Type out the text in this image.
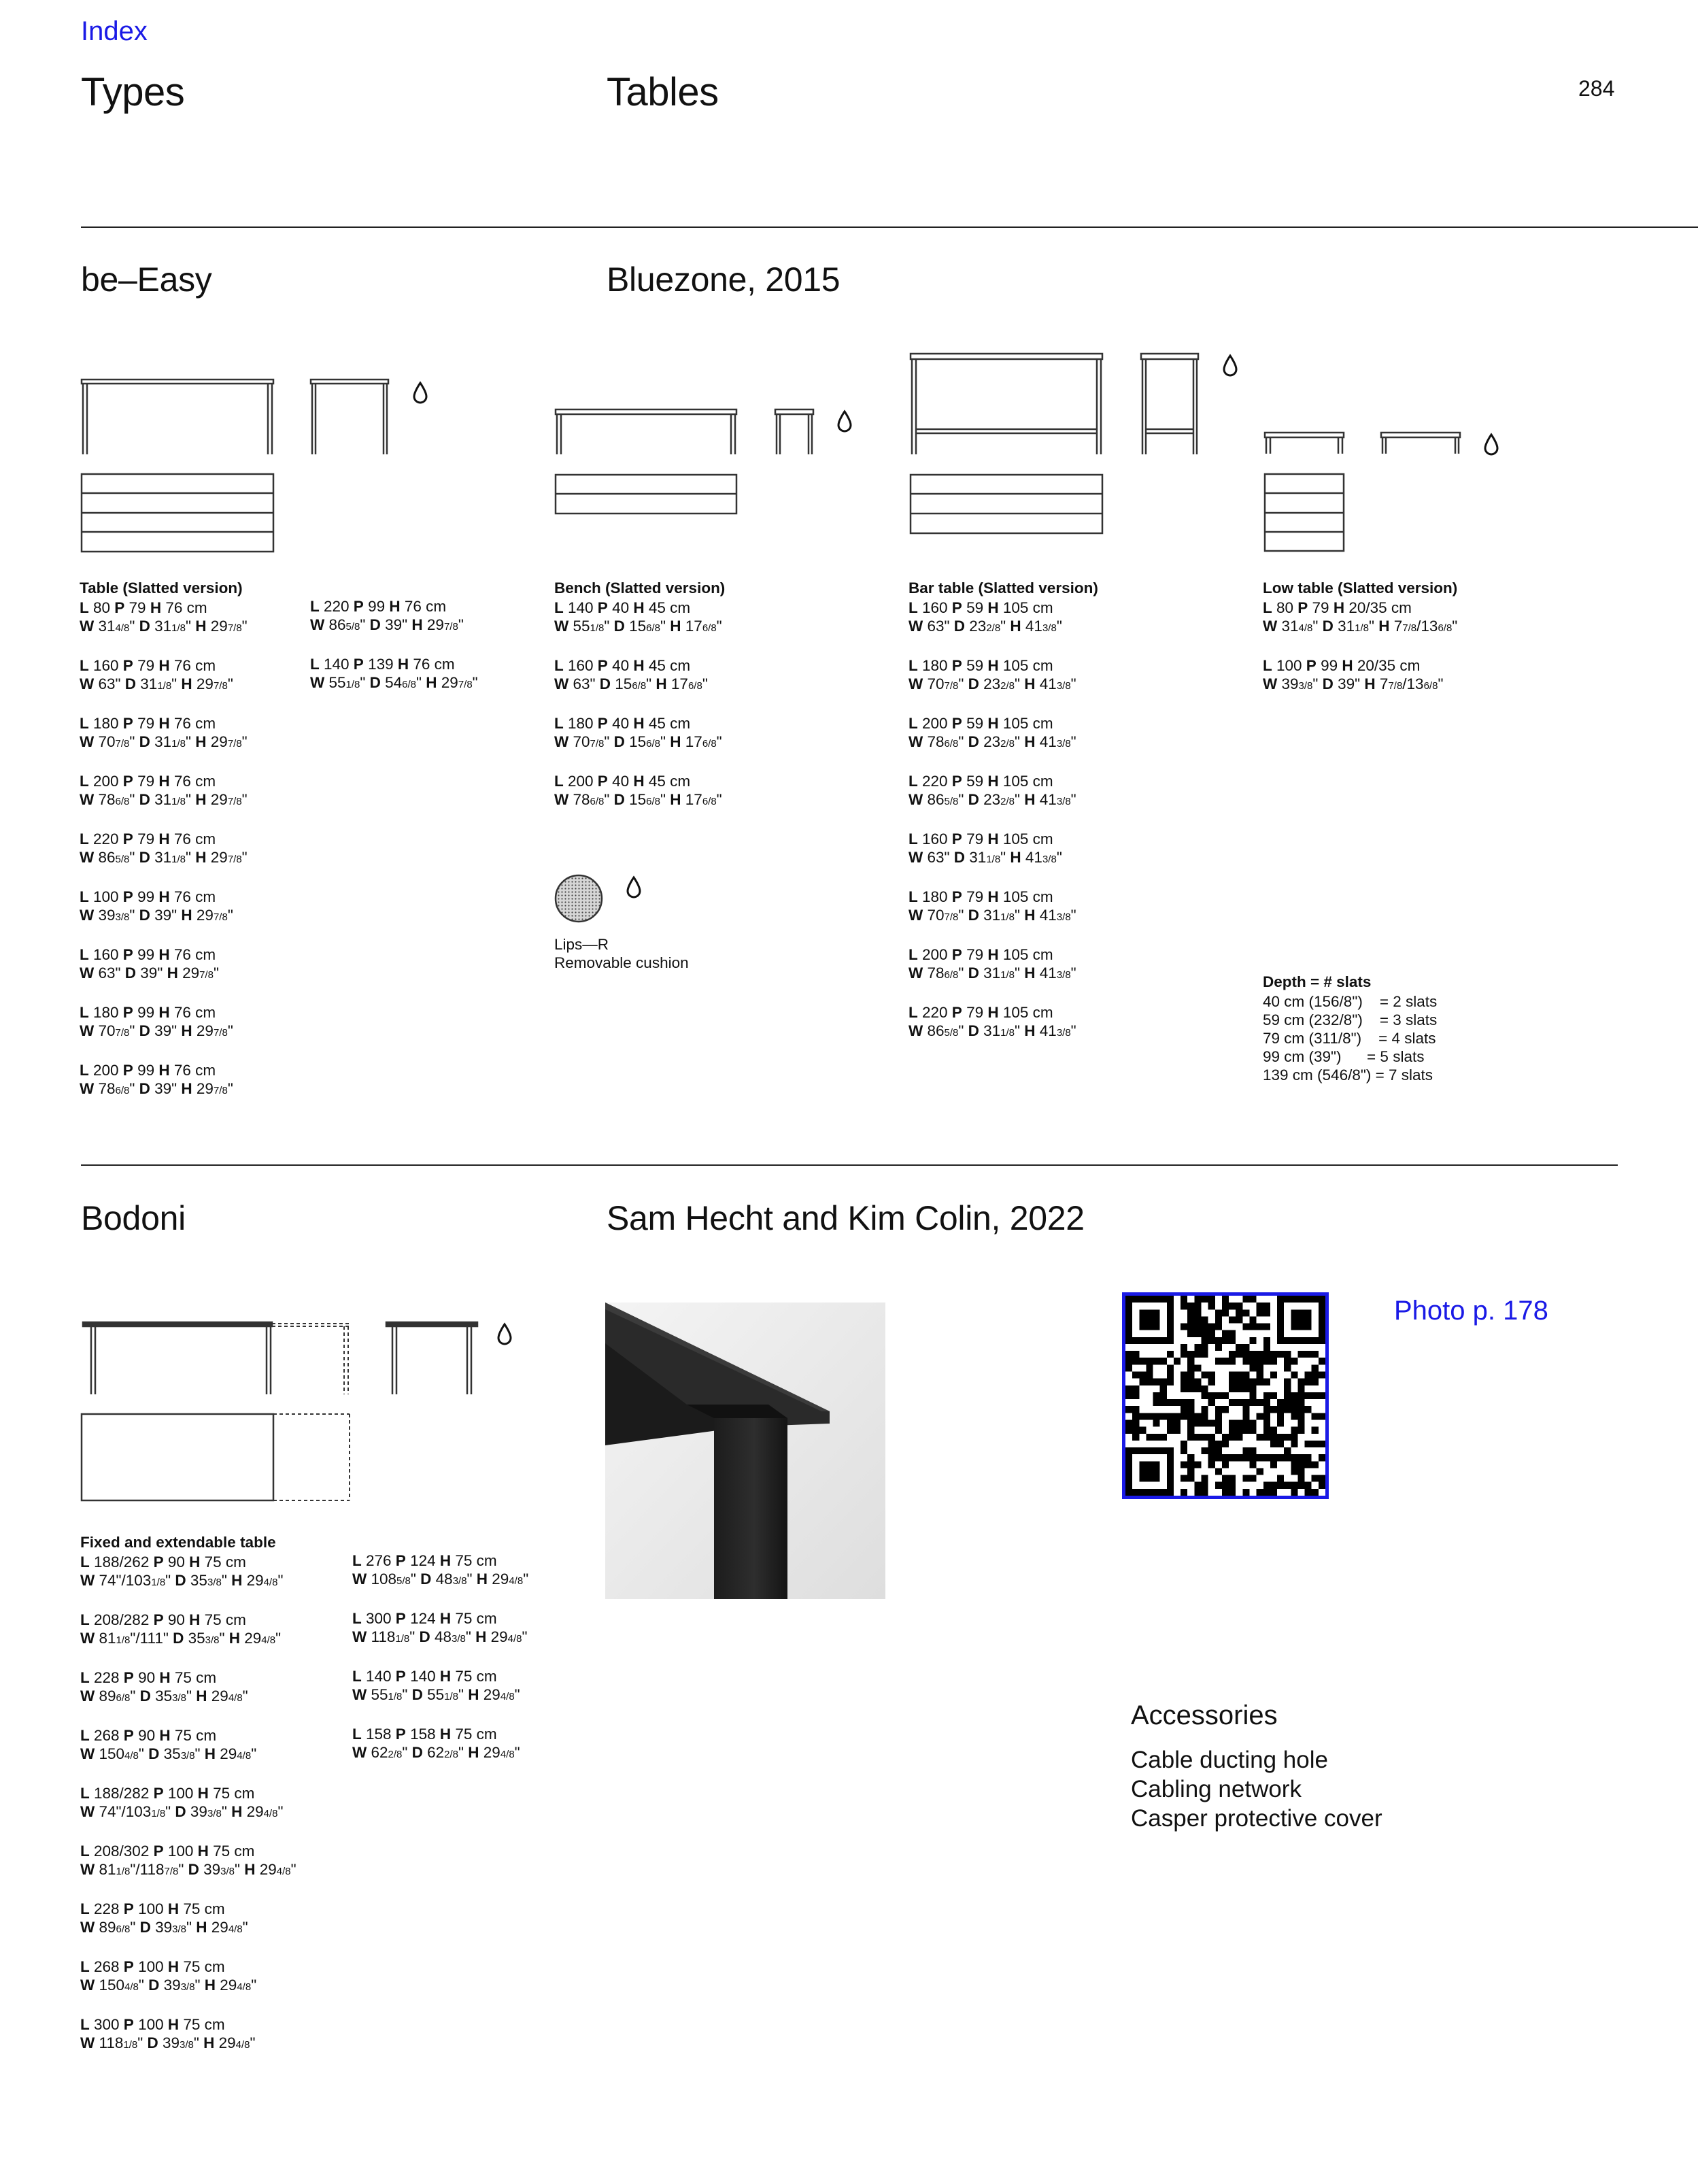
Index
Types	Tables	284
be–Easy	Bluezone, 2015
Table (Slatted version)
L 80 P 79 H 76 cm
W 314/8" D 311/8" H 297/8"
L 160 P 79 H 76 cm
W 63" D 311/8" H 297/8"
L 180 P 79 H 76 cm
W 707/8" D 311/8" H 297/8"
L 200 P 79 H 76 cm
W 786/8" D 311/8" H 297/8"
L 220 P 79 H 76 cm
W 865/8" D 311/8" H 297/8"
L 100 P 99 H 76 cm
W 393/8" D 39" H 297/8"
L 160 P 99 H 76 cm
W 63" D 39" H 297/8"
L 180 P 99 H 76 cm
W 707/8" D 39" H 297/8"
L 200 P 99 H 76 cm
W 786/8" D 39" H 297/8"
L 220 P 99 H 76 cm
W 865/8" D 39" H 297/8"
L 140 P 139 H 76 cm
W 551/8" D 546/8" H 297/8"
Bench (Slatted version)
L 140 P 40 H 45 cm
W 551/8" D 156/8" H 176/8"
L 160 P 40 H 45 cm
W 63" D 156/8" H 176/8"
L 180 P 40 H 45 cm
W 707/8" D 156/8" H 176/8"
L 200 P 40 H 45 cm
W 786/8" D 156/8" H 176/8"
Lips—R
Removable cushion
Bar table (Slatted version)
L 160 P 59 H 105 cm
W 63" D 232/8" H 413/8"
L 180 P 59 H 105 cm
W 707/8" D 232/8" H 413/8"
L 200 P 59 H 105 cm
W 786/8" D 232/8" H 413/8"
L 220 P 59 H 105 cm
W 865/8" D 232/8" H 413/8"
L 160 P 79 H 105 cm
W 63" D 311/8" H 413/8"
L 180 P 79 H 105 cm
W 707/8" D 311/8" H 413/8"
L 200 P 79 H 105 cm
W 786/8" D 311/8" H 413/8"
L 220 P 79 H 105 cm
W 865/8" D 311/8" H 413/8"
Low table (Slatted version)
L 80 P 79 H 20/35 cm
W 314/8" D 311/8" H 77/8/136/8"
L 100 P 99 H 20/35 cm
W 393/8" D 39" H 77/8/136/8"
Depth = # slats
40 cm (156/8")    = 2 slats
59 cm (232/8")    = 3 slats
79 cm (311/8")    = 4 slats
99 cm (39")      = 5 slats
139 cm (546/8") = 7 slats
Bodoni	Sam Hecht and Kim Colin, 2022
Fixed and extendable table
L 188/262 P 90 H 75 cm
W 74"/1031/8" D 353/8" H 294/8"
L 208/282 P 90 H 75 cm
W 811/8"/111" D 353/8" H 294/8"
L 228 P 90 H 75 cm
W 896/8" D 353/8" H 294/8"
L 268 P 90 H 75 cm
W 1504/8" D 353/8" H 294/8"
L 188/282 P 100 H 75 cm
W 74"/1031/8" D 393/8" H 294/8"
L 208/302 P 100 H 75 cm
W 811/8"/1187/8" D 393/8" H 294/8"
L 228 P 100 H 75 cm
W 896/8" D 393/8" H 294/8"
L 268 P 100 H 75 cm
W 1504/8" D 393/8" H 294/8"
L 300 P 100 H 75 cm
W 1181/8" D 393/8" H 294/8"
L 276 P 124 H 75 cm
W 1085/8" D 483/8" H 294/8"
L 300 P 124 H 75 cm
W 1181/8" D 483/8" H 294/8"
L 140 P 140 H 75 cm
W 551/8" D 551/8" H 294/8"
L 158 P 158 H 75 cm
W 622/8" D 622/8" H 294/8"
Photo p. 178
Accessories
Cable ducting hole
Cabling network
Casper protective cover
